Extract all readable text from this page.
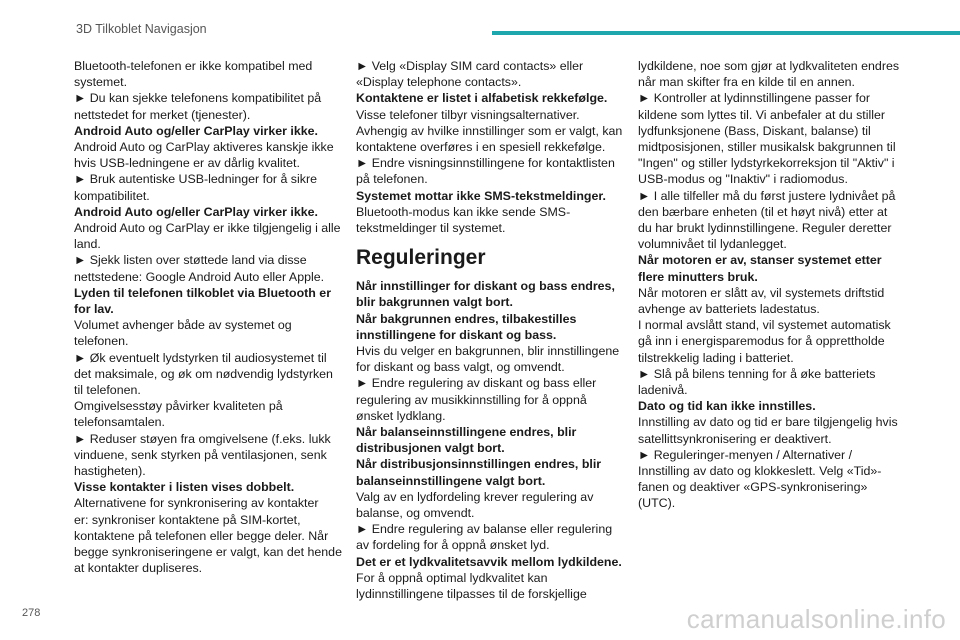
3D Tilkoblet Navigasjon

Bluetooth-telefonen er ikke kompatibel med
systemet.

► Du kan sjekke telefonens kompatibilitet på
nettstedet for merket (tjenester).

Android Auto og/eller CarPlay virker ikke.

Android Auto og CarPlay aktiveres kanskje ikke
hvis USB-ledningene er av dårlig kvalitet.

► Bruk autentiske USB-ledninger for å sikre
kompatibilitet.

Android Auto og/eller CarPlay virker ikke.

Android Auto og CarPlay er ikke tilgjengelig i alle
land.

► Sjekk listen over støttede land via disse
nettstedene: Google Android Auto eller Apple.

Lyden til telefonen tilkoblet via Bluetooth er
for lav.

Volumet avhenger både av systemet og
telefonen.

► Øk eventuelt lydstyrken til audiosystemet til
det maksimale, og øk om nødvendig lydstyrken
til telefonen.

Omgivelsesstøy påvirker kvaliteten på
telefonsamtalen.

► Reduser støyen fra omgivelsene (f.eks. lukk
vinduene, senk styrken på ventilasjonen, senk
hastigheten).

Visse kontakter i listen vises dobbelt.

Alternativene for synkronisering av kontakter
er: synkroniser kontaktene på SIM-kortet,
kontaktene på telefonen eller begge deler. Når
begge synkroniseringene er valgt, kan det hende
at kontakter dupliseres.

► Velg «Display SIM card contacts» eller
«Display telephone contacts».

Kontaktene er listet i alfabetisk rekkefølge.

Visse telefoner tilbyr visningsalternativer.
Avhengig av hvilke innstillinger som er valgt, kan
kontaktene overføres i en spesiell rekkefølge.

► Endre visningsinnstillingene for kontaktlisten
på telefonen.

Systemet mottar ikke SMS-tekstmeldinger.

Bluetooth-modus kan ikke sende SMS-
tekstmeldinger til systemet.

Reguleringer

Når innstillinger for diskant og bass endres,
blir bakgrunnen valgt bort.

Når bakgrunnen endres, tilbakestilles
innstillingene for diskant og bass.

Hvis du velger en bakgrunnen, blir innstillingene
for diskant og bass valgt, og omvendt.

► Endre regulering av diskant og bass eller
regulering av musikkinnstilling for å oppnå
ønsket lydklang.

Når balanseinnstillingene endres, blir
distribusjonen valgt bort.

Når distribusjonsinnstillingen endres, blir
balanseinnstillingene valgt bort.

Valg av en lydfordeling krever regulering av
balanse, og omvendt.

► Endre regulering av balanse eller regulering
av fordeling for å oppnå ønsket lyd.

Det er et lydkvalitetsavvik mellom lydkildene.

For å oppnå optimal lydkvalitet kan
lydinnstillingene tilpasses til de forskjellige

lydkildene, noe som gjør at lydkvaliteten endres
når man skifter fra en kilde til en annen.

► Kontroller at lydinnstillingene passer for
kildene som lyttes til. Vi anbefaler at du stiller
lydfunksjonene (Bass, Diskant, balanse) til
midtposisjonen, stiller musikalsk bakgrunnen til
"Ingen" og stiller lydstyrkekorreksjon til "Aktiv" i
USB-modus og "Inaktiv" i radiomodus.

► I alle tilfeller må du først justere lydnivået på
den bærbare enheten (til et høyt nivå) etter at
du har brukt lydinnstillingene. Reguler deretter
volumnivået til lydanlegget.

Når motoren er av, stanser systemet etter
flere minutters bruk.

Når motoren er slått av, vil systemets driftstid
avhenge av batteriets ladestatus.

I normal avslått stand, vil systemet automatisk
gå inn i energisparemodus for å opprettholde
tilstrekkelig lading i batteriet.

► Slå på bilens tenning for å øke batteriets
ladenivå.

Dato og tid kan ikke innstilles.

Innstilling av dato og tid er bare tilgjengelig hvis
satellittsynkronisering er deaktivert.

► Reguleringer-menyen / Alternativer /
Innstilling av dato og klokkeslett. Velg «Tid»-
fanen og deaktiver «GPS-synkronisering»
(UTC).

278	carmanualsonline.info
